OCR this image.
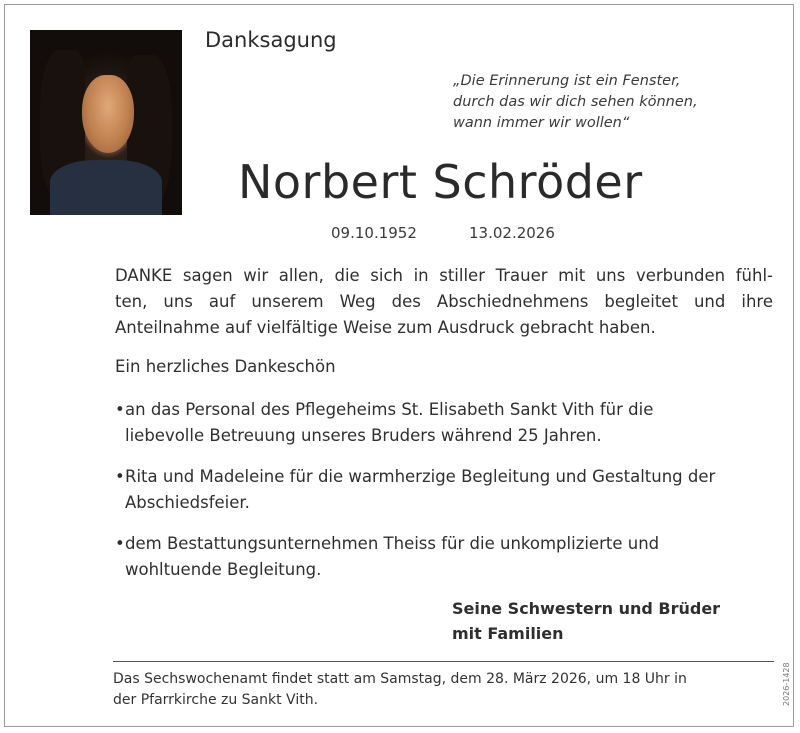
Danksagung
„Die Erinnerung ist ein Fenster,
durch das wir dich sehen können,
wann immer wir wollen“
Norbert Schröder
09.10.1952	13.02.2026

DANKE sagen wir allen, die sich in stiller Trauer mit uns verbunden fühl-

ten, uns auf unserem Weg des Abschiednehmens begleitet und ihre

Anteilnahme auf vielfältige Weise zum Ausdruck gebracht haben.

Ein herzliches Dankeschön
• an das Personal des Pflegeheims St. Elisabeth Sankt Vith für die
liebevolle Betreuung unseres Bruders während 25 Jahren.
• Rita und Madeleine für die warmherzige Begleitung und Gestaltung der
Abschiedsfeier.
• dem Bestattungsunternehmen Theiss für die unkomplizierte und
wohltuende Begleitung.
Seine Schwestern und Brüder
mit Familien
Das Sechswochenamt findet statt am Samstag, dem 28. März 2026, um 18 Uhr in
der Pfarrkirche zu Sankt Vith.	2026-1428
